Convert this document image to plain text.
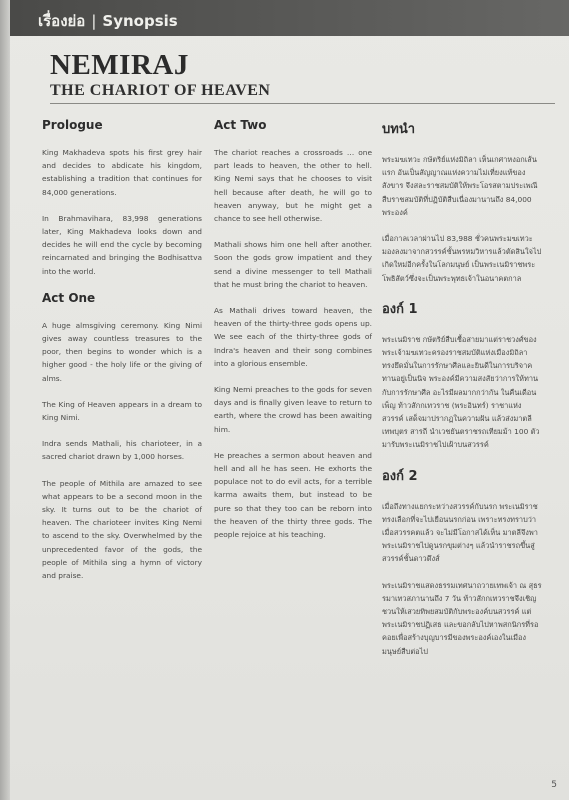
เรื่องย่อ | Synopsis
NEMIRAJ
THE CHARIOT OF HEAVEN
Prologue

King Makhadeva spots his first grey hair and decides to abdicate his kingdom, establishing a tradition that continues for 84,000 generations.

In Brahmavihara, 83,998 generations later, King Makhadeva looks down and decides he will end the cycle by becoming reincarnated and bringing the Bodhisattva into the world.

Act One

A huge almsgiving ceremony. King Nimi gives away countless treasures to the poor, then begins to wonder which is a higher good - the holy life or the giving of alms.

The King of Heaven appears in a dream to King Nimi.

Indra sends Mathali, his charioteer, in a sacred chariot drawn by 1,000 horses.

The people of Mithila are amazed to see what appears to be a second moon in the sky. It turns out to be the chariot of heaven. The charioteer invites King Nemi to ascend to the sky. Overwhelmed by the unprecedented favor of the gods, the people of Mithila sing a hymn of victory and praise.

Act Two

The chariot reaches a crossroads … one part leads to heaven, the other to hell. King Nemi says that he chooses to visit hell because after death, he will go to heaven anyway, but he might get a chance to see hell otherwise.

Mathali shows him one hell after another. Soon the gods grow impatient and they send a divine messenger to tell Mathali that he must bring the chariot to heaven.

As Mathali drives toward heaven, the heaven of the thirty-three gods opens up. We see each of the thirty-three gods of Indra's heaven and their song combines into a glorious ensemble.

King Nemi preaches to the gods for seven days and is finally given leave to return to earth, where the crowd has been awaiting him.

He preaches a sermon about heaven and hell and all he has seen. He exhorts the populace not to do evil acts, for a terrible karma awaits them, but instead to be pure so that they too can be reborn into the heaven of the thirty three gods. The people rejoice at his teaching.

บทนำ

พระมฆเทวะ กษัตริย์แห่งมิถิลา เห็นเกศาหงอกเส้นแรก อันเป็นสัญญาณแห่งความไม่เที่ยงแท้ของสังขาร จึงสละราชสมบัติให้พระโอรสตามประเพณีสืบราชสมบัติที่ปฏิบัติสืบเนื่องมานานถึง 84,000 พระองค์

เมื่อกาลเวลาผ่านไป 83,988 ชั่วคนพระมฆเทวะมองลงมาจากสวรรค์ชั้นพรหมวิหารแล้วตัดสินใจไปเกิดใหม่อีกครั้งในโลกมนุษย์ เป็นพระเนมิราชพระโพธิสัตว์ซึ่งจะเป็นพระพุทธเจ้าในอนาคตกาล

องก์ 1

พระเนมิราช กษัตริย์สืบเชื้อสายมาแต่ราชวงศ์ของพระเจ้ามฆเทวะครองราชสมบัติแห่งเมืองมิถิลา ทรงยึดมั่นในการรักษาศีลและยินดีในการบริจาคทานอยู่เป็นนิจ พระองค์มีความสงสัยว่าการให้ทานกับการรักษาศีล อะไรมีผลมากกว่ากัน ในคืนเดือนเพ็ญ ท้าวสักกเทวราช (พระอินทร์) ราชาแห่งสวรรค์ เสด็จมาปรากฏในความฝัน แล้วส่งมาตลีเทพบุตร สารถี นำเวชยันตราชรถเทียมม้า 100 ตัว มารับพระเนมิราชไปเฝ้าบนสวรรค์

องก์ 2

เมื่อถึงทางแยกระหว่างสวรรค์กับนรก พระเนมิราชทรงเลือกที่จะไปเยือนนรกก่อน เพราะทรงทราบว่าเมื่อสวรรคตแล้ว จะไม่มีโอกาสได้เห็น มาตลีจึงพาพระเนมิราชไปดูนรกขุมต่างๆ แล้วนำราชรถขึ้นสู่สวรรค์ชั้นดาวดึงส์

พระเนมิราชแสดงธรรมเทศนาถวายเทพเจ้า ณ สุธรรมาเทวสภานานถึง 7 วัน ท้าวสักกเทวราชจึงเชิญชวนให้เสวยทิพยสมบัติกับพระองค์บนสวรรค์ แต่พระเนมิราชปฏิเสธ และขอกลับไปหาพสกนิกรที่รอคอยเพื่อสร้างบุญบารมีของพระองค์เองในเมืองมนุษย์สืบต่อไป

5
